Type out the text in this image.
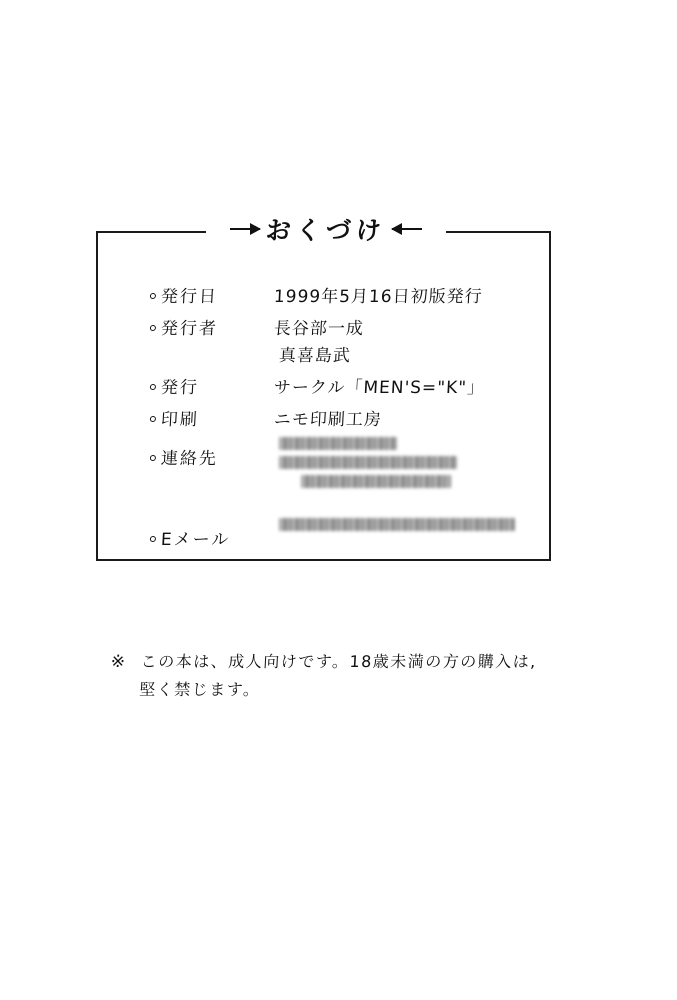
おくづけ
発行日	1999年5月16日初版発行
発行者	長谷部一成
真喜島武
発行	サークル「MEN'S="K"」
印刷	ニモ印刷工房
連絡先
Eメール
※ この本は、成人向けです。18歳未満の方の購入は,
堅く禁じます。
